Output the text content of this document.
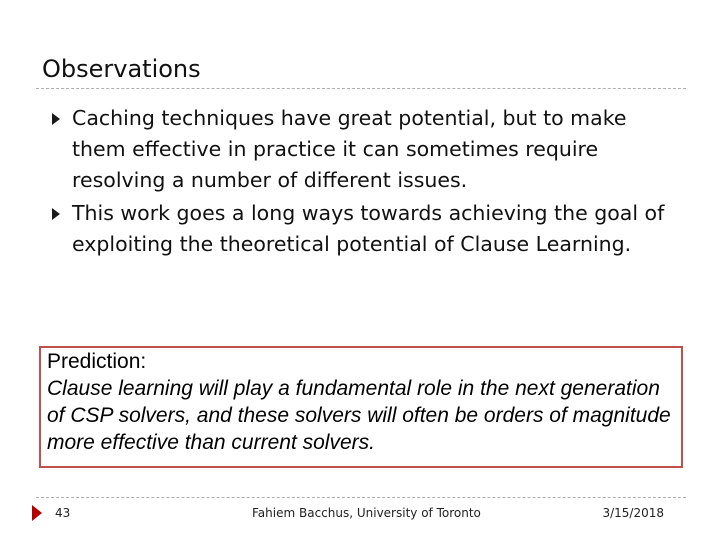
Observations
Caching techniques have great potential, but to make them effective in practice it can sometimes require resolving a number of different issues.
This work goes a long ways towards achieving the goal of exploiting the theoretical potential of Clause Learning.
Prediction:
Clause learning will play a fundamental role in the next generation of CSP solvers, and these solvers will often be orders of magnitude more effective than current solvers.
43	Fahiem Bacchus, University of Toronto	3/15/2018
